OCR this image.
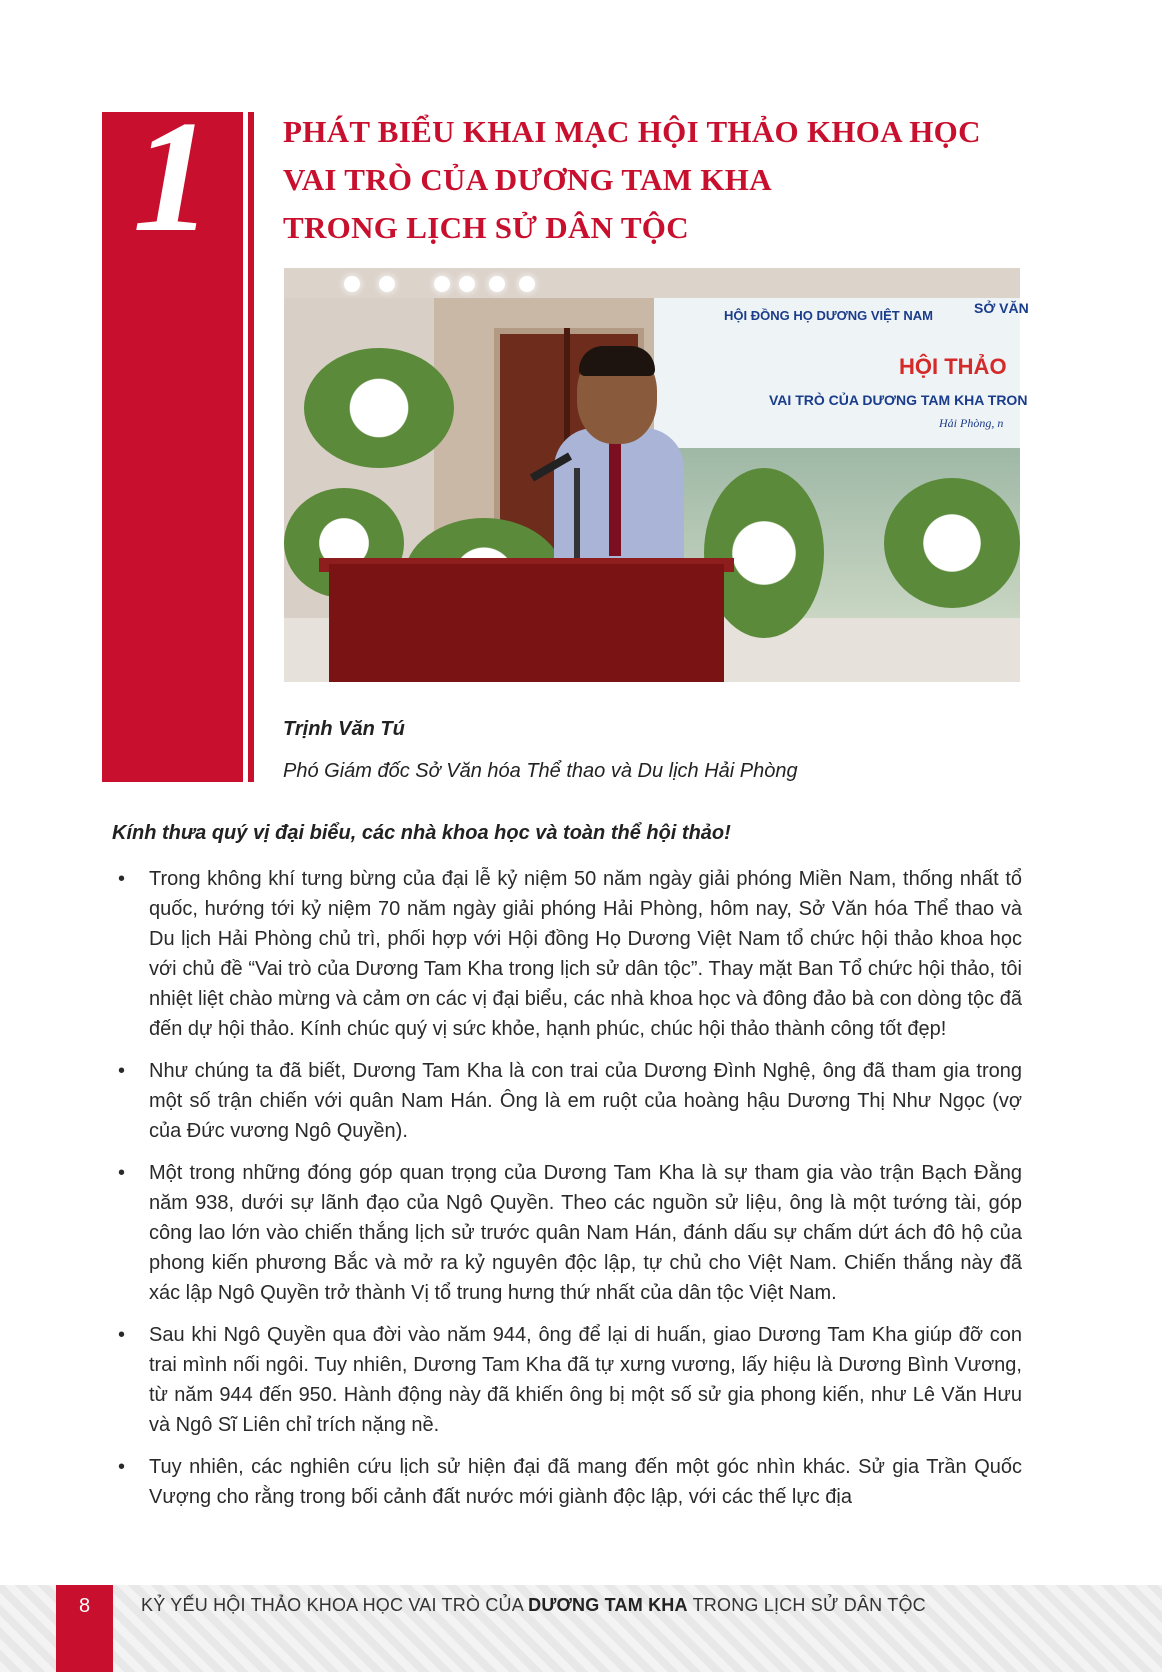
1	PHÁT BIỂU KHAI MẠC HỘI THẢO KHOA HỌC
VAI TRÒ CỦA DƯƠNG TAM KHA
TRONG LỊCH SỬ DÂN TỘC
HỘI ĐỒNG HỌ DƯƠNG VIỆT NAM	SỞ VĂN
HỘI THẢO
VAI TRÒ CỦA DƯƠNG TAM KHA TRON
Hải Phòng, n
Trịnh Văn Tú
Phó Giám đốc Sở Văn hóa Thể thao và Du lịch Hải Phòng
Kính thưa quý vị đại biểu, các nhà khoa học và toàn thể hội thảo!
• Trong không khí tưng bừng của đại lễ kỷ niệm 50 năm ngày giải phóng Miền Nam, thống nhất tổ quốc, hướng tới kỷ niệm 70 năm ngày giải phóng Hải Phòng, hôm nay, Sở Văn hóa Thể thao và Du lịch Hải Phòng chủ trì, phối hợp với Hội đồng Họ Dương Việt Nam tổ chức hội thảo khoa học với chủ đề “Vai trò của Dương Tam Kha trong lịch sử dân tộc”. Thay mặt Ban Tổ chức hội thảo, tôi nhiệt liệt chào mừng và cảm ơn các vị đại biểu, các nhà khoa học và đông đảo bà con dòng tộc đã đến dự hội thảo. Kính chúc quý vị sức khỏe, hạnh phúc, chúc hội thảo thành công tốt đẹp!
• Như chúng ta đã biết, Dương Tam Kha là con trai của Dương Đình Nghệ, ông đã tham gia trong một số trận chiến với quân Nam Hán. Ông là em ruột của hoàng hậu Dương Thị Như Ngọc (vợ của Đức vương Ngô Quyền).
• Một trong những đóng góp quan trọng của Dương Tam Kha là sự tham gia vào trận Bạch Đằng năm 938, dưới sự lãnh đạo của Ngô Quyền. Theo các nguồn sử liệu, ông là một tướng tài, góp công lao lớn vào chiến thắng lịch sử trước quân Nam Hán, đánh dấu sự chấm dứt ách đô hộ của phong kiến phương Bắc và mở ra kỷ nguyên độc lập, tự chủ cho Việt Nam. Chiến thắng này đã xác lập Ngô Quyền trở thành Vị tổ trung hưng thứ nhất của dân tộc Việt Nam.
• Sau khi Ngô Quyền qua đời vào năm 944, ông để lại di huấn, giao Dương Tam Kha giúp đỡ con trai mình nối ngôi. Tuy nhiên, Dương Tam Kha đã tự xưng vương, lấy hiệu là Dương Bình Vương, từ năm 944 đến 950. Hành động này đã khiến ông bị một số sử gia phong kiến, như Lê Văn Hưu và Ngô Sĩ Liên chỉ trích nặng nề.
• Tuy nhiên, các nghiên cứu lịch sử hiện đại đã mang đến một góc nhìn khác. Sử gia Trần Quốc Vượng cho rằng trong bối cảnh đất nước mới giành độc lập, với các thế lực địa
8	KỶ YẾU HỘI THẢO KHOA HỌC VAI TRÒ CỦA DƯƠNG TAM KHA TRONG LỊCH SỬ DÂN TỘC
